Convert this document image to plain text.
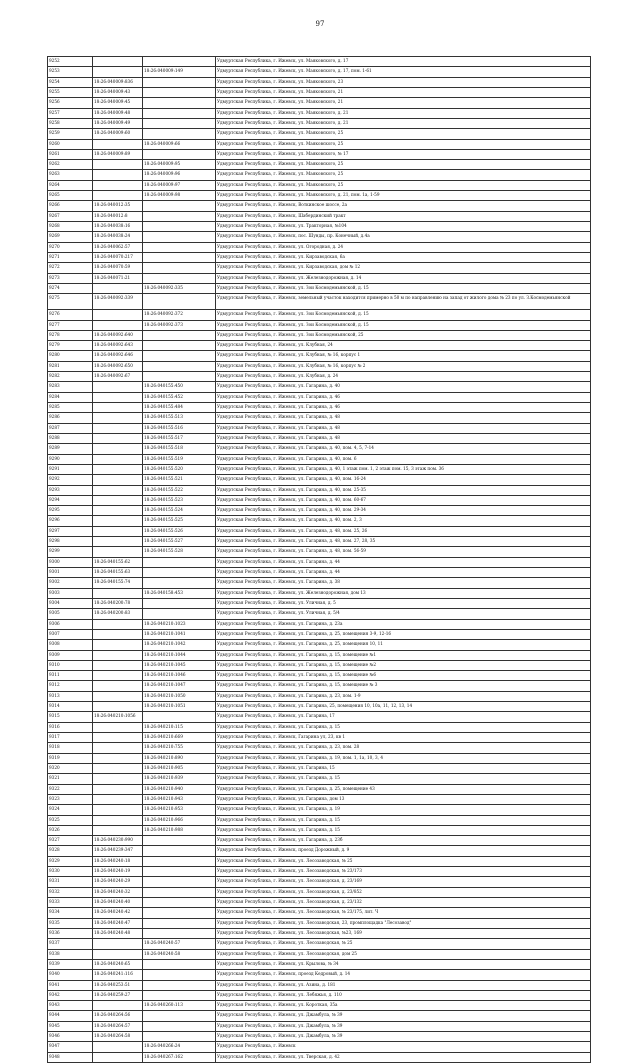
97
9252			Удмуртская Республика, г. Ижевск, ул. Маяковского, д. 17
9253		18:26:040009:149	Удмуртская Республика, г. Ижевск, ул. Маяковского, д. 17, пом. 1-61
9254	18:26:040009:836		Удмуртская Республика, г. Ижевск, ул. Маяковского, 23
9255	18:26:040009:43		Удмуртская Республика, г. Ижевск, ул. Маяковского, 21
9256	18:26:040009:45		Удмуртская Республика, г. Ижевск, ул. Маяковского, 21
9257	18:26:040009:48		Удмуртская Республика, г. Ижевск, ул. Маяковского, д. 21
9258	18:26:040009:49		Удмуртская Республика, г. Ижевск, ул. Маяковского, д. 21
9259	18:26:040009:60		Удмуртская Республика, г. Ижевск, ул. Маяковского, 25
9260		18:26:040009:66	Удмуртская Республика, г. Ижевск, ул. Маяковского, 25
9261	18:26:040009:89		Удмуртская Республика, г. Ижевск, ул. Маяковского, № 17
9262		18:26:040009:95	Удмуртская Республика, г. Ижевск, ул. Маяковского, 25
9263		18:26:040009:96	Удмуртская Республика, г. Ижевск, ул. Маяковского, 25
9264		18:26:040009:97	Удмуртская Республика, г. Ижевск, ул. Маяковского, 25
9265		18:26:040009:98	Удмуртская Республика, г. Ижевск, ул. Маяковского, д. 21, пом. 1а, 1-59
9266	18:26:040012:35		Удмуртская Республика, г. Ижевск, Воткинское шоссе, 2а
9267	18:26:040012:8		Удмуртская Республика, г. Ижевск, Шабердинский тракт
9268	18:26:040038:16		Удмуртская Республика, г. Ижевск, ул. Тракторная, №104
9269	18:26:040038:24		Удмуртская Республика, г. Ижевск, пос. Шунды, пр. Конечный, д.4а
9270	18:26:040062:57		Удмуртская Республика, г. Ижевск, ул. Огородная, д. 24
9271	18:26:040070:217		Удмуртская Республика, г. Ижевск, ул. Кирзаводская, 6а
9272	18:26:040070:59		Удмуртская Республика, г. Ижевск, ул. Кирзаводская, дом № 12
9273	18:26:040071:21		Удмуртская Республика, г. Ижевск, ул. Железнодорожная, д. 14
9274		18:26:040092:335	Удмуртская Республика, г. Ижевск, ул. Зои Космодемьянской, д. 15
9275	18:26:040092:339		Удмуртская Республика, г. Ижевск, земельный участок находится примерно в 50 м по направлению на запад от жилого дома № 23 по ул. З.Космодемьянской
9276		18:26:040092:372	Удмуртская Республика, г. Ижевск, ул. Зои Космодемьянской, д. 15
9277		18:26:040092:373	Удмуртская Республика, г. Ижевск, ул. Зои Космодемьянской, д. 15
9278	18:26:040092:640		Удмуртская Республика, г. Ижевск, ул. Зои Космодемьянской, 25
9279	18:26:040092:643		Удмуртская Республика, г. Ижевск, ул. Клубная, 24
9280	18:26:040092:646		Удмуртская Республика, г. Ижевск, ул. Клубная, № 16, корпус 1
9281	18:26:040092:650		Удмуртская Республика, г. Ижевск, ул. Клубная, № 16, корпус № 2
9282	18:26:040092:67		Удмуртская Республика, г. Ижевск, ул. Клубная, д. 24
9283		18:26:040155:450	Удмуртская Республика, г. Ижевск, ул. Гагарина, д. 40
9284		18:26:040155:452	Удмуртская Республика, г. Ижевск, ул. Гагарина, д. 46
9285		18:26:040155:484	Удмуртская Республика, г. Ижевск, ул. Гагарина, д. 46
9286		18:26:040155:513	Удмуртская Республика, г. Ижевск, ул. Гагарина, д. 48
9287		18:26:040155:516	Удмуртская Республика, г. Ижевск, ул. Гагарина, д. 48
9288		18:26:040155:517	Удмуртская Республика, г. Ижевск, ул. Гагарина, д. 48
9289		18:26:040155:518	Удмуртская Республика, г. Ижевск, ул. Гагарина, д. 40, пом. 4, 5, 7-14
9290		18:26:040155:519	Удмуртская Республика, г. Ижевск, ул. Гагарина, д. 40, пом. 6
9291		18:26:040155:520	Удмуртская Республика, г. Ижевск, ул. Гагарина, д. 40, 1 этаж пом. 1, 2 этаж пом. 15, 3 этаж пом. 36
9292		18:26:040155:521	Удмуртская Республика, г. Ижевск, ул. Гагарина, д. 40, пом. 16-24
9293		18:26:040155:522	Удмуртская Республика, г. Ижевск, ул. Гагарина, д. 40, пом. 25-35
9294		18:26:040155:523	Удмуртская Республика, г. Ижевск, ул. Гагарина, д. 40, пом. 60-67
9295		18:26:040155:524	Удмуртская Республика, г. Ижевск, ул. Гагарина, д. 40, пом. 29-34
9296		18:26:040155:525	Удмуртская Республика, г. Ижевск, ул. Гагарина, д. 40, пом. 2, 3
9297		18:26:040155:526	Удмуртская Республика, г. Ижевск, ул. Гагарина, д. 48, пом. 25, 26
9298		18:26:040155:527	Удмуртская Республика, г. Ижевск, ул. Гагарина, д. 48, пом. 27, 28, 35
9299		18:26:040155:528	Удмуртская Республика, г. Ижевск, ул. Гагарина, д. 48, пом. 56-59
9300	18:26:040155:62		Удмуртская Республика, г. Ижевск, ул. Гагарина, д. 44
9301	18:26:040155:63		Удмуртская Республика, г. Ижевск, ул. Гагарина, д. 44
9302	18:26:040155:74		Удмуртская Республика, г. Ижевск, ул. Гагарина, д. 38
9303		18:26:040158:453	Удмуртская Республика, г. Ижевск, ул. Железнодорожная, дом 13
9304	18:26:040200:78		Удмуртская Республика, г. Ижевск, ул. Уличная, д. 5
9305	18:26:040200:83		Удмуртская Республика, г. Ижевск, ул. Уличная, д. 5/4
9306		18:26:040210:1023	Удмуртская Республика, г. Ижевск, ул. Гагарина, д. 23а
9307		18:26:040210:1041	Удмуртская Республика, г. Ижевск, ул. Гагарина, д. 25, помещения 3-9, 12-16
9308		18:26:040210:1042	Удмуртская Республика, г. Ижевск, ул. Гагарина, д. 25, помещения 10, 11
9309		18:26:040210:1044	Удмуртская Республика, г. Ижевск, ул. Гагарина, д. 15, помещение №1
9310		18:26:040210:1045	Удмуртская Республика, г. Ижевск, ул. Гагарина, д. 15, помещение №2
9311		18:26:040210:1046	Удмуртская Республика, г. Ижевск, ул. Гагарина, д. 15, помещение №6
9312		18:26:040210:1047	Удмуртская Республика, г. Ижевск, ул. Гагарина, д. 15, помещение № 3
9313		18:26:040210:1050	Удмуртская Республика, г. Ижевск, ул. Гагарина, д. 23, пом. 1-9
9314		18:26:040210:1051	Удмуртская Республика, г. Ижевск, ул. Гагарина, 25, помещения 10, 10а, 11, 12, 13, 14
9315	18:26:040210:1056		Удмуртская Республика, г. Ижевск, ул. Гагарина, 17
9316		18:26:040210:115	Удмуртская Республика, г. Ижевск, ул. Гагарина, д. 15
9317		18:26:040210:669	Удмуртская Республика, г. Ижевск, Гагарина ул, 23, кв 1
9318		18:26:040210:755	Удмуртская Республика, г. Ижевск, ул. Гагарина, д. 23, пом. 28
9319		18:26:040210:890	Удмуртская Республика, г. Ижевск, ул. Гагарина, д. 19, пом. 1, 1а, 10, 3, 4
9320		18:26:040210:905	Удмуртская Республика, г. Ижевск, ул. Гагарина, 15
9321		18:26:040210:939	Удмуртская Республика, г. Ижевск, ул. Гагарина, д. 15
9322		18:26:040210:940	Удмуртская Республика, г. Ижевск, ул. Гагарина, д. 25, помещение 43
9323		18:26:040210:943	Удмуртская Республика, г. Ижевск, ул. Гагарина, дом 13
9324		18:26:040210:953	Удмуртская Республика, г. Ижевск, ул. Гагарина, д. 19
9325		18:26:040210:966	Удмуртская Республика, г. Ижевск, ул. Гагарина, д. 15
9326		18:26:040210:988	Удмуртская Республика, г. Ижевск, ул. Гагарина, д. 15
9327	18:26:040230:990		Удмуртская Республика, г. Ижевск, ул. Гагарина, д. 23б
9328	18:26:040239:347		Удмуртская Республика, г. Ижевск, проезд Дорожный, д. 9
9329	18:26:040240:18		Удмуртская Республика, г. Ижевск, ул. Лесозаводская, № 25
9330	18:26:040240:19		Удмуртская Республика, г. Ижевск, ул. Лесозаводская, № 23/173
9331	18:26:040240:29		Удмуртская Республика, г. Ижевск, ул. Лесозаводская, д. 23/169
9332	18:26:040240:32		Удмуртская Республика, г. Ижевск, ул. Лесозаводская, д. 23/852
9333	18:26:040240:40		Удмуртская Республика, г. Ижевск, ул. Лесозаводская, д. 23/132
9334	18:26:040240:42		Удмуртская Республика, г. Ижевск, ул. Лесозаводская, № 23/175, лит. Ч
9335	18:26:040240:47		Удмуртская Республика, г. Ижевск, ул. Лесозаводская, 23, промплощадка "Лесозавод"
9336	18:26:040240:48		Удмуртская Республика, г. Ижевск, ул. Лесозаводская, №23, 169
9337		18:26:040240:57	Удмуртская Республика, г. Ижевск, ул. Лесозаводская, № 25
9338		18:26:040240:58	Удмуртская Республика, г. Ижевск, ул. Лесозаводская, дом 25
9339	18:26:040240:65		Удмуртская Республика, г. Ижевск, ул. Крылова, № 34
9340	18:26:040241:116		Удмуртская Республика, г. Ижевск, проезд Кедровый, д. 14
9341	18:26:040253:51		Удмуртская Республика, г. Ижевск, ул. Азина, д. 181
9342	18:26:040259:27		Удмуртская Республика, г. Ижевск, ул. Лебяжья, д. 110
9343		18:26:040260:113	Удмуртская Республика, г. Ижевск, ул. Короткая, 35а
9344	18:26:040264:56		Удмуртская Республика, г. Ижевск, ул. Джамбула, № 39
9345	18:26:040264:57		Удмуртская Республика, г. Ижевск, ул. Джамбула, № 39
9346	18:26:040264:58		Удмуртская Республика, г. Ижевск, ул. Джамбула, № 39
9347		18:26:040266:24	Удмуртская Республика, г. Ижевск
9348		18:26:040267:162	Удмуртская Республика, г. Ижевск, ул. Тверская, д. 42
